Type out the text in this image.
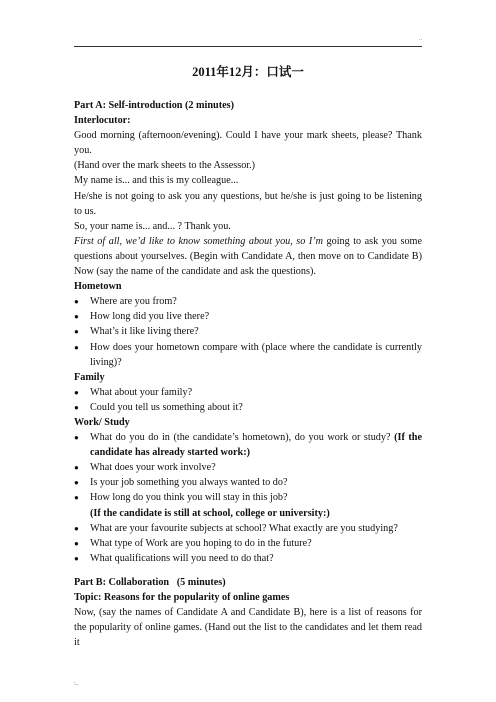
..
2011年12月：口试一

Part A: Self-introduction (2 minutes)

Interlocutor:

Good morning (afternoon/evening). Could I have your mark sheets, please? Thank you.

(Hand over the mark sheets to the Assessor.)

My name is... and this is my colleague...

He/she is not going to ask you any questions, but he/she is just going to be listening to us.

So, your name is... and... ? Thank you.

First of all, we’d like to know something about you, so I’m going to ask you some questions about yourselves. (Begin with Candidate A, then move on to Candidate B) Now (say the name of the candidate and ask the questions).

Hometown

● Where are you from?
● How long did you live there?
● What’s it like living there?
● How does your hometown compare with (place where the candidate is currently living)?

Family

● What about your family?
● Could you tell us something about it?

Work/ Study

● What do you do in (the candidate’s hometown), do you work or study? (If the candidate has already started work:)
● What does your work involve?
● Is your job something you always wanted to do?
● How long do you think you will stay in this job?

(If the candidate is still at school, college or university:)

● What are your favourite subjects at school? What exactly are you studying?
● What type of Work are you hoping to do in the future?
● What qualifications will you need to do that?

Part B: Collaboration   (5 minutes)

Topic: Reasons for the popularity of online games

Now, (say the names of Candidate A and Candidate B), here is a list of reasons for the popularity of online games. (Hand out the list to the candidates and let them read it

:..
